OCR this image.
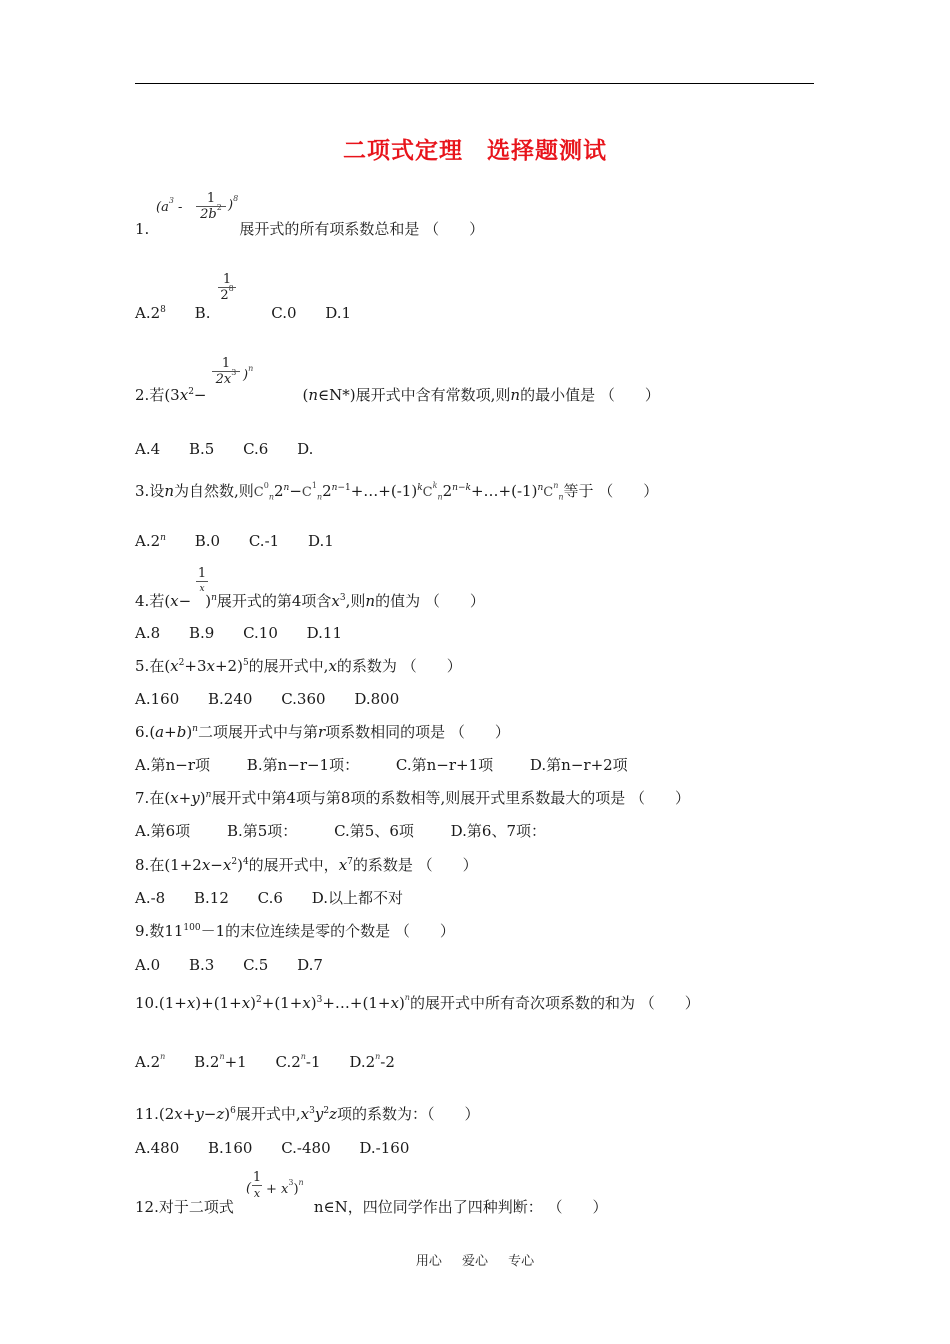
二项式定理　选择题测试
($a^3$ -
1
$2b^2$ )$^8$
1.	展开式的所有项系数总和是 （　　）
1
$2^8$
$A.2^8$ B.	C.0 D.1
1
$2x^3$ )$^n$
2.若($3x^2-$	(n∈N*)展开式中含有常数项,则n的最小值是 （　　）
A.4 B.5 C.6 D.
3.设n为自然数,则$C^0_n2^n-C^1_n2^{n-1}+\dots+(-1)^kC^k_n2^{n-k}+\dots+(-1)^nC^n_n$等于 （　　）
A.2$^n$ B.0 C.-1 D.1
1
x
4.若$(x- )^n$展开式的第4项含$x^3$,则n的值为 （　　）
A.8 B.9 C.10 D.11
5.在$(x^2+3x+2)^5$的展开式中,x的系数为 （　　）
A.160 B.240 C.360 D.800
$6.(a+b)^n$二项展开式中与第r项系数相同的项是 （　　）
A.第n−r项 B.第n−r−1项： C.第n−r+1项 D.第n−r+2项
7.在$(x+y)^n$展开式中第4项与第8项的系数相等,则展开式里系数最大的项是 （　　）
A.第6项 B.第5项： C.第5、6项 D.第6、7项：
8.在$(1+2x-x^2)^4$的展开式中，$x^7$的系数是 （　　）
A.-8 B.12 C.6 D.以上都不对
9.数$11^{100}-1$的末位连续是零的个数是 （　　）
A.0 B.3 C.5 D.7
$10.(1+x)+(1+x)^2+(1+x)^3+\dots+(1+x)^n$的展开式中所有奇次项系数的和为 （　　）
A.2$^n$ $B.2^n+1$ C.2$^n$-1 D.2$^n$-2
$11.(2x+y-z)^6$展开式中$,x^3y^2z$项的系数为：（　　）
A.480 B.160 C.-480 D.-160
(
1
$x + x^3)^n$
12.对于二项式	n∈N，四位同学作出了四种判断： （　　）
用心 爱心 专心
